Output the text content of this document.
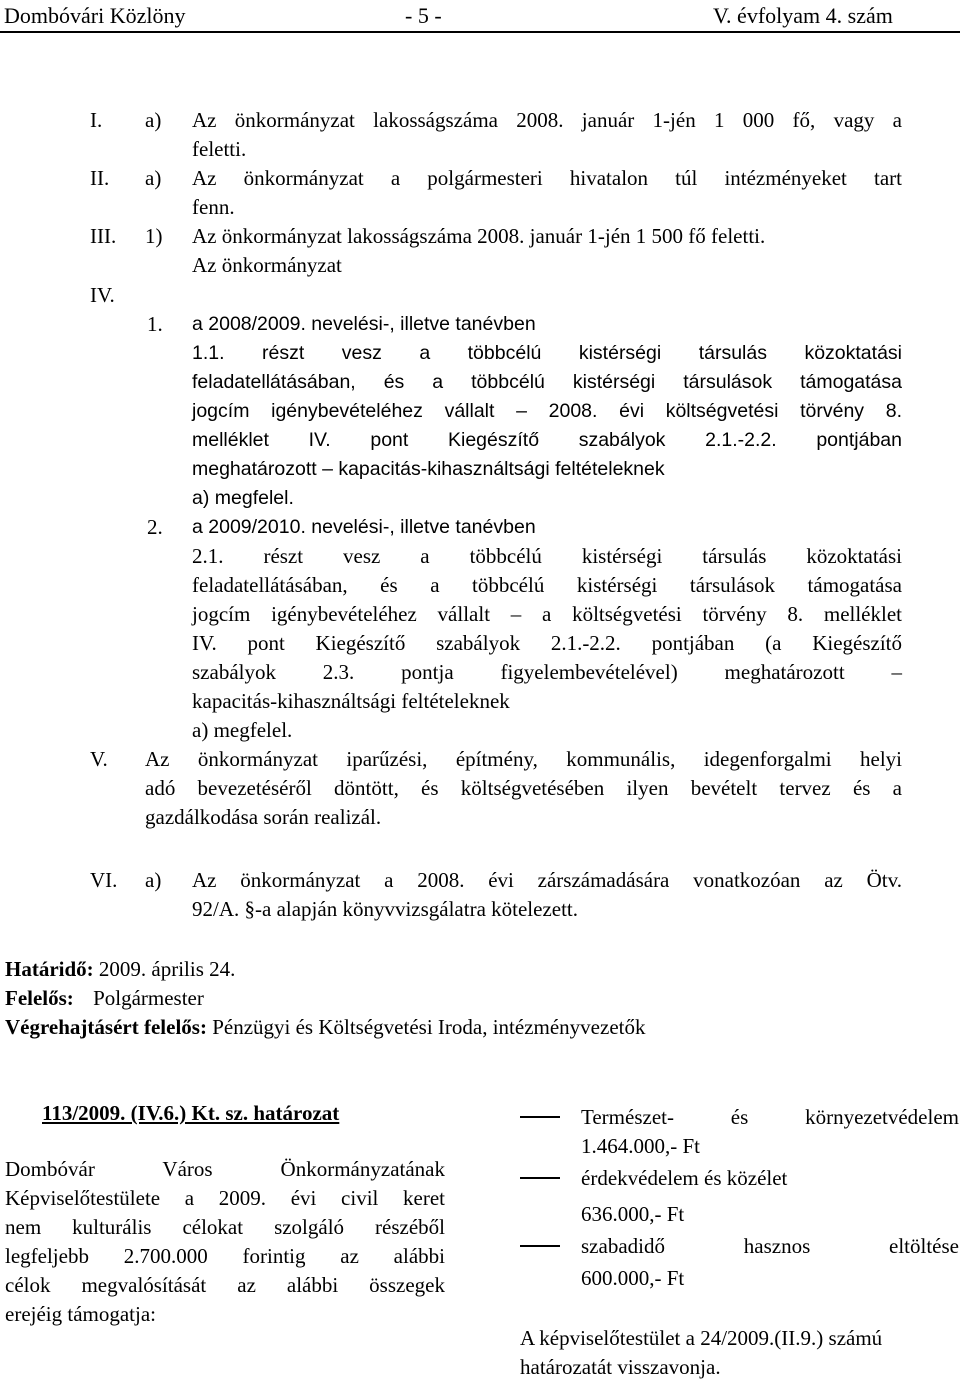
Dombóvári Közlöny	- 5 -	V. évfolyam 4. szám
I. a) Az önkormányzat lakosságszáma 2008. január 1-jén 1 000 fő, vagy a
feletti.
II. a) Az önkormányzat a polgármesteri hivatalon túl intézményeket tart
fenn.
III. 1) Az önkormányzat lakosságszáma 2008. január 1-jén 1 500 fő feletti.
Az önkormányzat
IV.
1. a 2008/2009. nevelési-, illetve tanévben
1.1. részt vesz a többcélú kistérségi társulás közoktatási
feladatellátásában, és a többcélú kistérségi társulások támogatása
jogcím igénybevételéhez vállalt – 2008. évi költségvetési törvény 8.
melléklet IV. pont Kiegészítő szabályok 2.1.-2.2. pontjában
meghatározott – kapacitás-kihasználtsági feltételeknek
a) megfelel.
2. a 2009/2010. nevelési-, illetve tanévben
2.1. részt vesz a többcélú kistérségi társulás közoktatási
feladatellátásában, és a többcélú kistérségi társulások támogatása
jogcím igénybevételéhez vállalt – a költségvetési törvény 8. melléklet
IV. pont Kiegészítő szabályok 2.1.-2.2. pontjában (a Kiegészítő
szabályok 2.3. pontja figyelembevételével) meghatározott –
kapacitás-kihasználtsági feltételeknek
a) megfelel.
V. Az önkormányzat iparűzési, építmény, kommunális, idegenforgalmi helyi
adó bevezetéséről döntött, és költségvetésében ilyen bevételt tervez és a
gazdálkodása során realizál.
VI. a) Az önkormányzat a 2008. évi zárszámadására vonatkozóan az Ötv.
92/A. §-a alapján könyvvizsgálatra kötelezett.
Határidő: 2009. április 24.
Felelős: Polgármester
Végrehajtásért felelős: Pénzügyi és Költségvetési Iroda, intézményvezetők
113/2009. (IV.6.) Kt. sz. határozat
Dombóvár Város Önkormányzatának
Képviselőtestülete a 2009. évi civil keret
nem kulturális célokat szolgáló részéből
legfeljebb 2.700.000 forintig az alábbi
célok megvalósítását az alábbi összegek
erejéig támogatja:
Természet- és környezetvédelem
1.464.000,- Ft
érdekvédelem és közélet
636.000,- Ft
szabadidő hasznos eltöltése
600.000,- Ft
A képviselőtestület a 24/2009.(II.9.) számú
határozatát visszavonja.
